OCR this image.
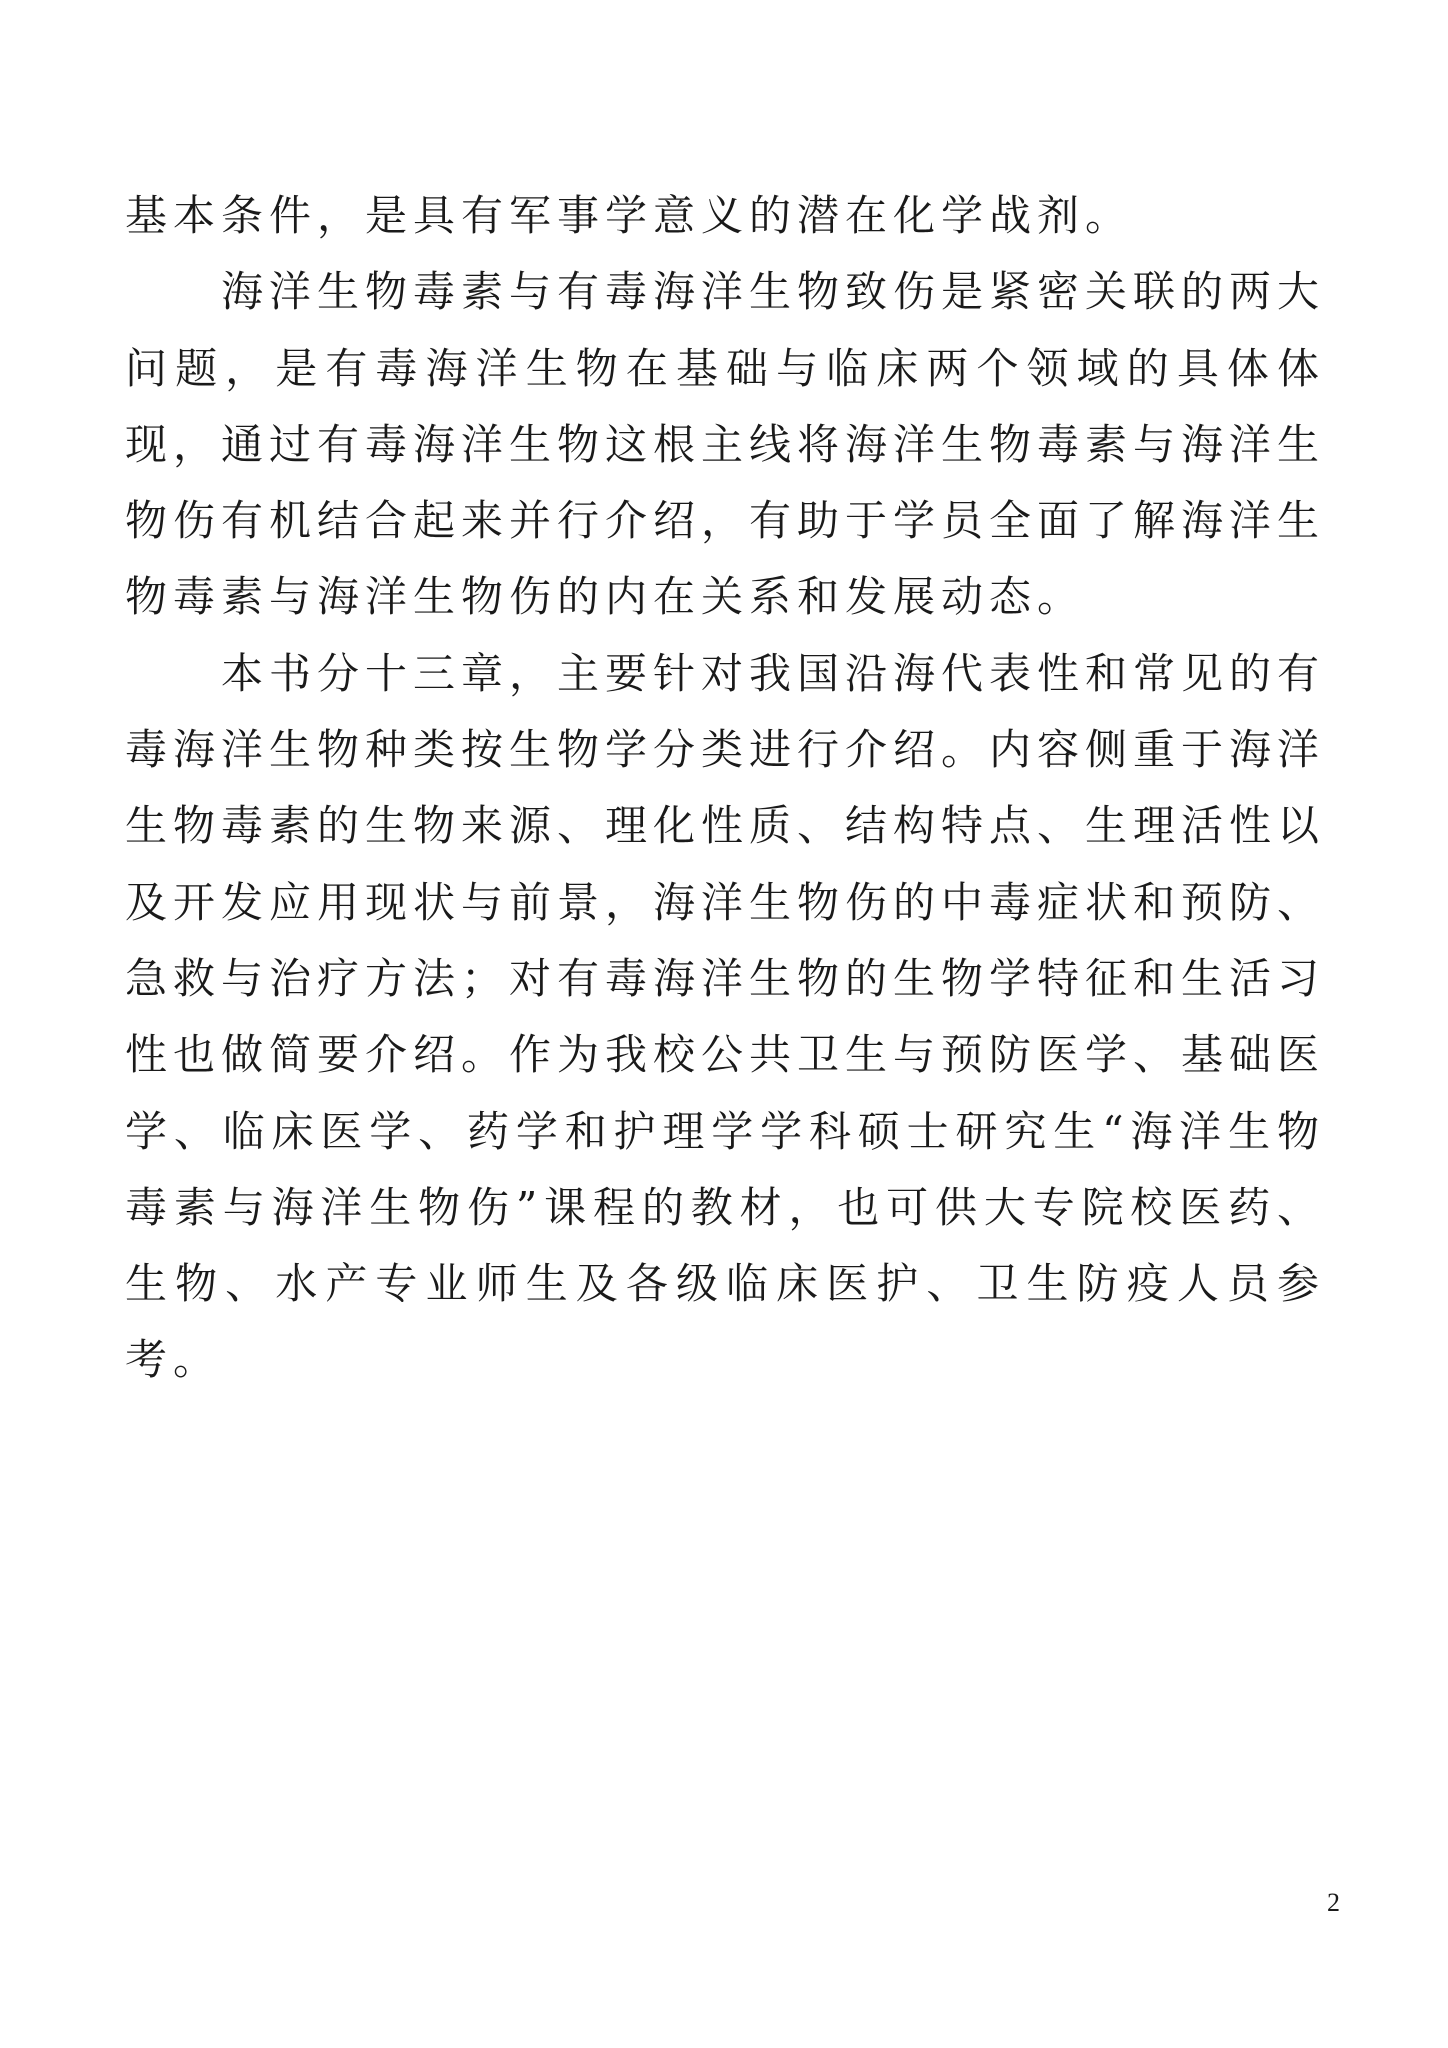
基本条件，是具有军事学意义的潜在化学战剂。

海洋生物毒素与有毒海洋生物致伤是紧密关联的两大问题，是有毒海洋生物在基础与临床两个领域的具体体现，通过有毒海洋生物这根主线将海洋生物毒素与海洋生物伤有机结合起来并行介绍，有助于学员全面了解海洋生物毒素与海洋生物伤的内在关系和发展动态。

本书分十三章，主要针对我国沿海代表性和常见的有毒海洋生物种类按生物学分类进行介绍。内容侧重于海洋生物毒素的生物来源、理化性质、结构特点、生理活性以及开发应用现状与前景，海洋生物伤的中毒症状和预防、急救与治疗方法；对有毒海洋生物的生物学特征和生活习性也做简要介绍。作为我校公共卫生与预防医学、基础医学、临床医学、药学和护理学学科硕士研究生“海洋生物毒素与海洋生物伤”课程的教材，也可供大专院校医药、生物、水产专业师生及各级临床医护、卫生防疫人员参考。

2
